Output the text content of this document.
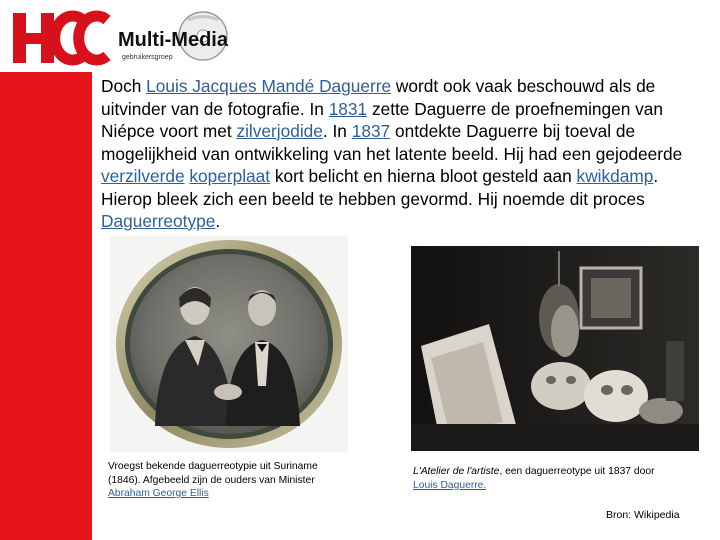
Multi-Media
gebruikersgroep
Doch Louis Jacques Mandé Daguerre wordt ook vaak beschouwd als de uitvinder van de fotografie. In 1831 zette Daguerre de proefnemingen van Niépce voort met zilverjodide. In 1837 ontdekte Daguerre bij toeval de mogelijkheid van ontwikkeling van het latente beeld. Hij had een gejodeerde verzilverde koperplaat kort belicht en hierna bloot gesteld aan kwikdamp. Hierop bleek zich een beeld te hebben gevormd. Hij noemde dit proces Daguerreotype.
Vroegst bekende daguerreotypie uit Suriname (1846). Afgebeeld zijn de ouders van Minister Abraham George Ellis
L'Atelier de l'artiste, een daguerreotype uit 1837 door
Louis Daguerre.
Bron: Wikipedia
